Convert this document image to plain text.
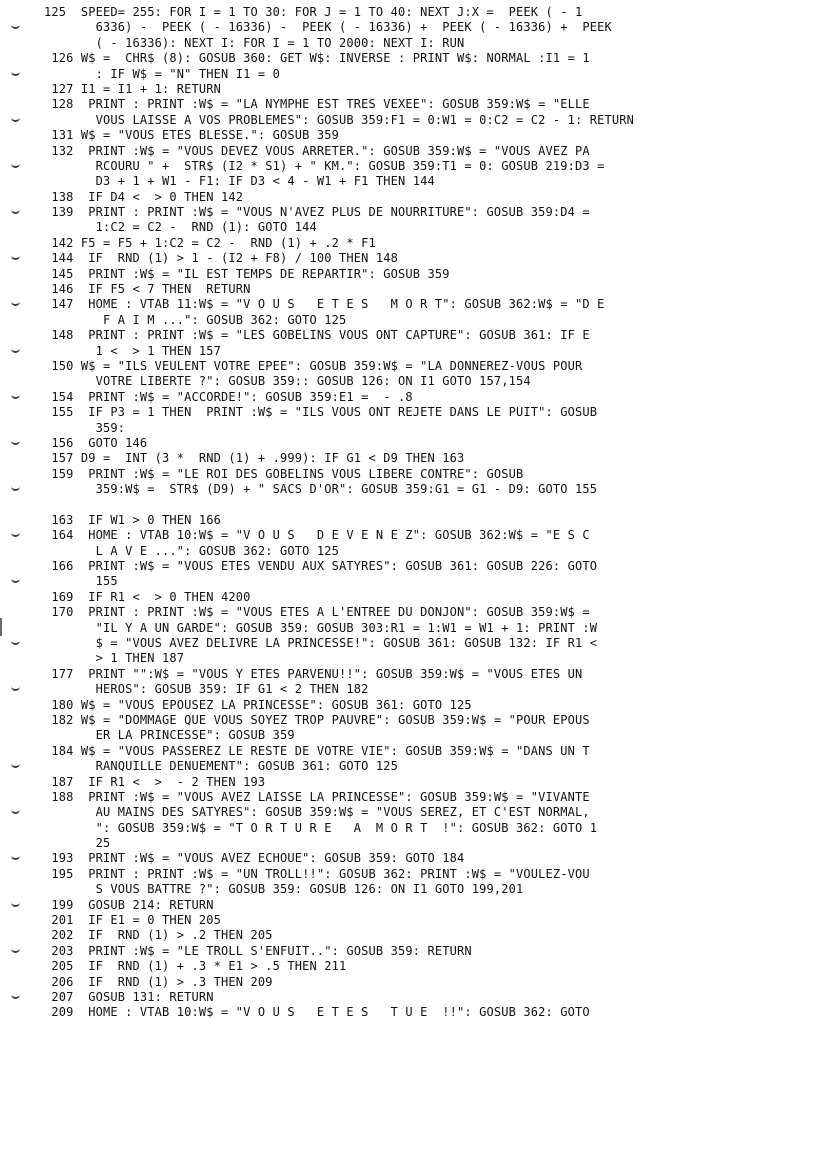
125  SPEED= 255: FOR I = 1 TO 30: FOR J = 1 TO 40: NEXT J:X =  PEEK ( - 1
6336) -  PEEK ( - 16336) -  PEEK ( - 16336) +  PEEK ( - 16336) +  PEEK
( - 16336): NEXT I: FOR I = 1 TO 2000: NEXT I: RUN
126 W$ =  CHR$ (8): GOSUB 360: GET W$: INVERSE : PRINT W$: NORMAL :I1 = 1
: IF W$ = "N" THEN I1 = 0
127 I1 = I1 + 1: RETURN
128  PRINT : PRINT :W$ = "LA NYMPHE EST TRES VEXEE": GOSUB 359:W$ = "ELLE
VOUS LAISSE A VOS PROBLEMES": GOSUB 359:F1 = 0:W1 = 0:C2 = C2 - 1: RETURN
131 W$ = "VOUS ETES BLESSE.": GOSUB 359
132  PRINT :W$ = "VOUS DEVEZ VOUS ARRETER.": GOSUB 359:W$ = "VOUS AVEZ PA
RCOURU " +  STR$ (I2 * S1) + " KM.": GOSUB 359:T1 = 0: GOSUB 219:D3 =
D3 + 1 + W1 - F1: IF D3 < 4 - W1 + F1 THEN 144
138  IF D4 <  > 0 THEN 142
139  PRINT : PRINT :W$ = "VOUS N'AVEZ PLUS DE NOURRITURE": GOSUB 359:D4 =
1:C2 = C2 -  RND (1): GOTO 144
142 F5 = F5 + 1:C2 = C2 -  RND (1) + .2 * F1
144  IF  RND (1) > 1 - (I2 + F8) / 100 THEN 148
145  PRINT :W$ = "IL EST TEMPS DE REPARTIR": GOSUB 359
146  IF F5 < 7 THEN  RETURN
147  HOME : VTAB 11:W$ = "V O U S   E T E S   M O R T": GOSUB 362:W$ = "D E
F A I M ...": GOSUB 362: GOTO 125
148  PRINT : PRINT :W$ = "LES GOBELINS VOUS ONT CAPTURE": GOSUB 361: IF E
1 <  > 1 THEN 157
150 W$ = "ILS VEULENT VOTRE EPEE": GOSUB 359:W$ = "LA DONNEREZ-VOUS POUR
VOTRE LIBERTE ?": GOSUB 359:: GOSUB 126: ON I1 GOTO 157,154
154  PRINT :W$ = "ACCORDE!": GOSUB 359:E1 =  - .8
155  IF P3 = 1 THEN  PRINT :W$ = "ILS VOUS ONT REJETE DANS LE PUIT": GOSUB
359:
156  GOTO 146
157 D9 =  INT (3 *  RND (1) + .999): IF G1 < D9 THEN 163
159  PRINT :W$ = "LE ROI DES GOBELINS VOUS LIBERE CONTRE": GOSUB
359:W$ =  STR$ (D9) + " SACS D'OR": GOSUB 359:G1 = G1 - D9: GOTO 155
163  IF W1 > 0 THEN 166
164  HOME : VTAB 10:W$ = "V O U S   D E V E N E Z": GOSUB 362:W$ = "E S C
L A V E ...": GOSUB 362: GOTO 125
166  PRINT :W$ = "VOUS ETES VENDU AUX SATYRES": GOSUB 361: GOSUB 226: GOTO
155
169  IF R1 <  > 0 THEN 4200
170  PRINT : PRINT :W$ = "VOUS ETES A L'ENTREE DU DONJON": GOSUB 359:W$ =
"IL Y A UN GARDE": GOSUB 359: GOSUB 303:R1 = 1:W1 = W1 + 1: PRINT :W
$ = "VOUS AVEZ DELIVRE LA PRINCESSE!": GOSUB 361: GOSUB 132: IF R1 <
> 1 THEN 187
177  PRINT "":W$ = "VOUS Y ETES PARVENU!!": GOSUB 359:W$ = "VOUS ETES UN
HEROS": GOSUB 359: IF G1 < 2 THEN 182
180 W$ = "VOUS EPOUSEZ LA PRINCESSE": GOSUB 361: GOTO 125
182 W$ = "DOMMAGE QUE VOUS SOYEZ TROP PAUVRE": GOSUB 359:W$ = "POUR EPOUS
ER LA PRINCESSE": GOSUB 359
184 W$ = "VOUS PASSEREZ LE RESTE DE VOTRE VIE": GOSUB 359:W$ = "DANS UN T
RANQUILLE DENUEMENT": GOSUB 361: GOTO 125
187  IF R1 <  >  - 2 THEN 193
188  PRINT :W$ = "VOUS AVEZ LAISSE LA PRINCESSE": GOSUB 359:W$ = "VIVANTE
AU MAINS DES SATYRES": GOSUB 359:W$ = "VOUS SEREZ, ET C'EST NORMAL,
": GOSUB 359:W$ = "T O R T U R E   A  M O R T  !": GOSUB 362: GOTO 1
25
193  PRINT :W$ = "VOUS AVEZ ECHOUE": GOSUB 359: GOTO 184
195  PRINT : PRINT :W$ = "UN TROLL!!": GOSUB 362: PRINT :W$ = "VOULEZ-VOU
S VOUS BATTRE ?": GOSUB 359: GOSUB 126: ON I1 GOTO 199,201
199  GOSUB 214: RETURN
201  IF E1 = 0 THEN 205
202  IF  RND (1) > .2 THEN 205
203  PRINT :W$ = "LE TROLL S'ENFUIT..": GOSUB 359: RETURN
205  IF  RND (1) + .3 * E1 > .5 THEN 211
206  IF  RND (1) > .3 THEN 209
207  GOSUB 131: RETURN
209  HOME : VTAB 10:W$ = "V O U S   E T E S   T U E  !!": GOSUB 362: GOTO
